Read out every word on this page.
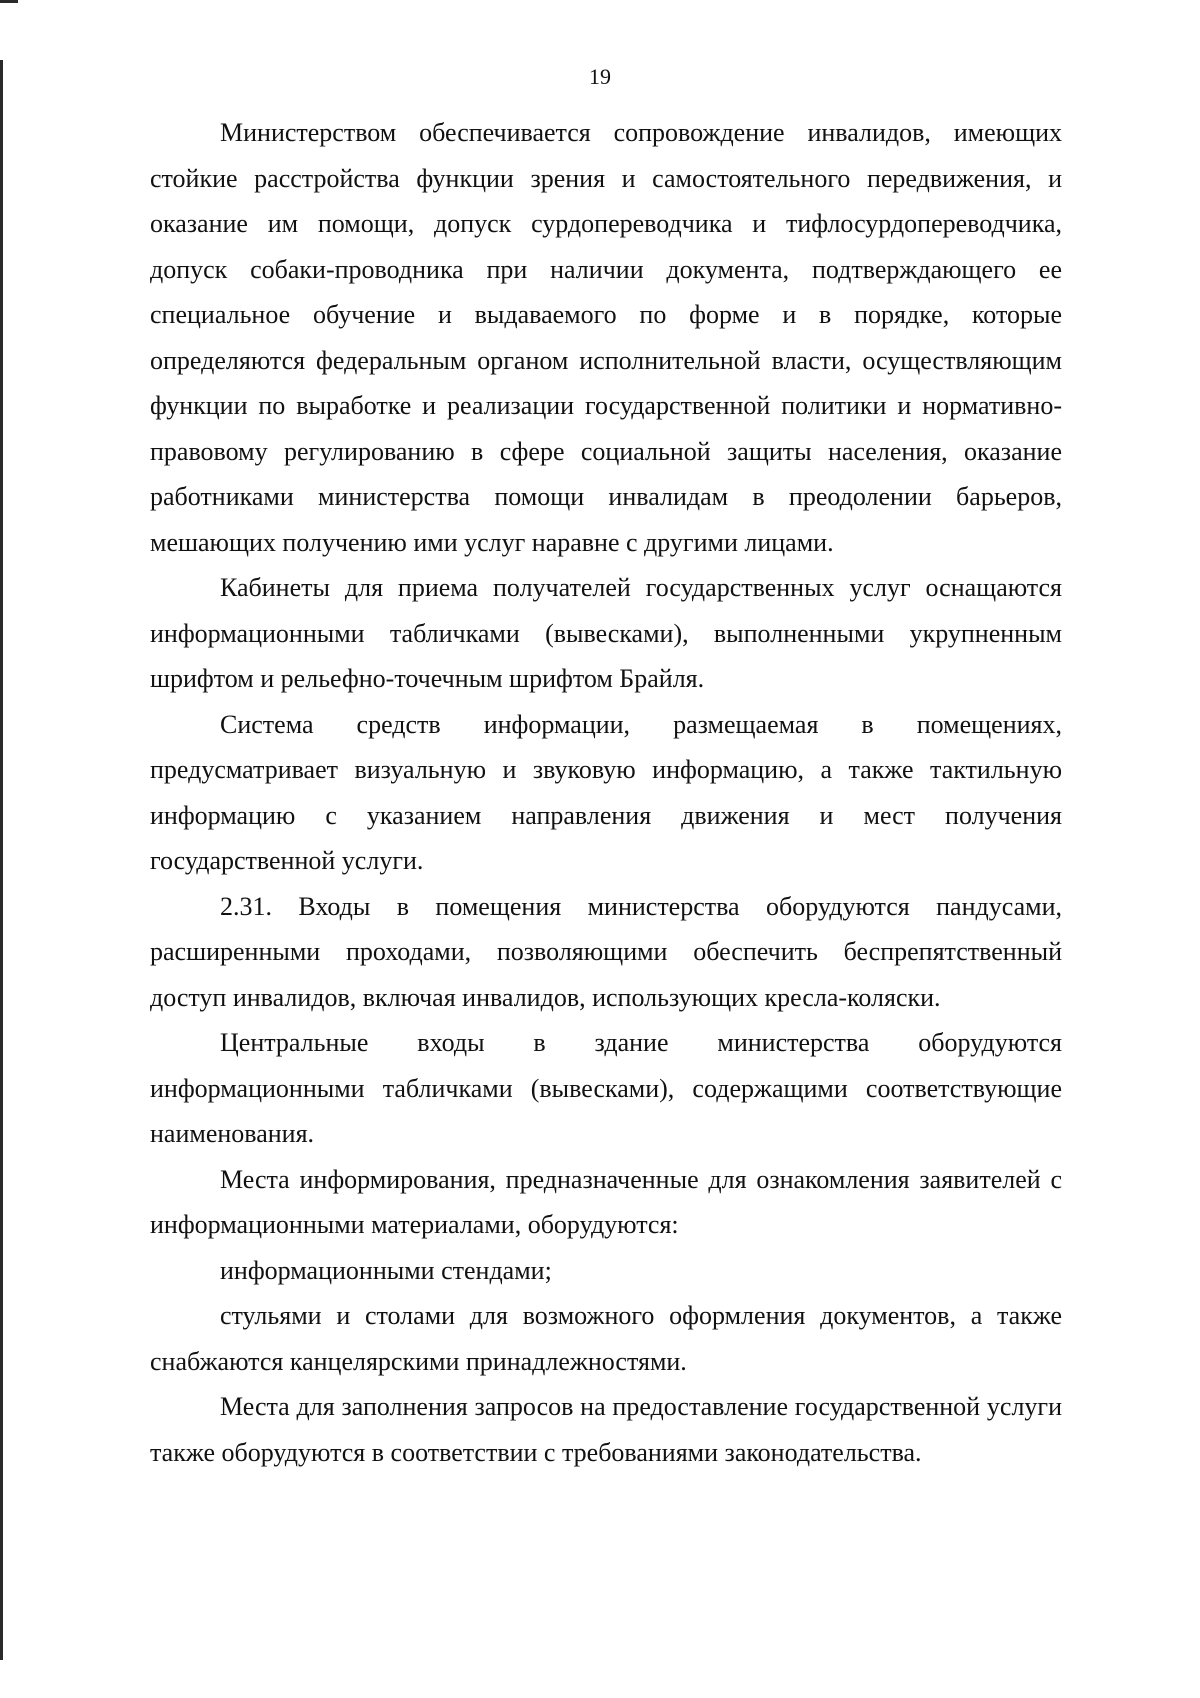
19

Министерством обеспечивается сопровождение инвалидов, имеющих стойкие расстройства функции зрения и самостоятельного передвижения, и оказание им помощи, допуск сурдопереводчика и тифлосурдопереводчика, допуск собаки-проводника при наличии документа, подтверждающего ее специальное обучение и выдаваемого по форме и в порядке, которые определяются федеральным органом исполнительной власти, осуществляющим функции по выработке и реализации государственной политики и нормативно-правовому регулированию в сфере социальной защиты населения, оказание работниками министерства помощи инвалидам в преодолении барьеров, мешающих получению ими услуг наравне с другими лицами.

Кабинеты для приема получателей государственных услуг оснащаются информационными табличками (вывесками), выполненными укрупненным шрифтом и рельефно-точечным шрифтом Брайля.

Система средств информации, размещаемая в помещениях, предусматривает визуальную и звуковую информацию, а также тактильную информацию с указанием направления движения и мест получения государственной услуги.

2.31. Входы в помещения министерства оборудуются пандусами, расширенными проходами, позволяющими обеспечить беспрепятственный доступ инвалидов, включая инвалидов, использующих кресла-коляски.

Центральные входы в здание министерства оборудуются информационными табличками (вывесками), содержащими соответствующие наименования.

Места информирования, предназначенные для ознакомления заявителей с информационными материалами, оборудуются:

информационными стендами;

стульями и столами для возможного оформления документов, а также снабжаются канцелярскими принадлежностями.

Места для заполнения запросов на предоставление государственной услуги также оборудуются в соответствии с требованиями законодательства.
